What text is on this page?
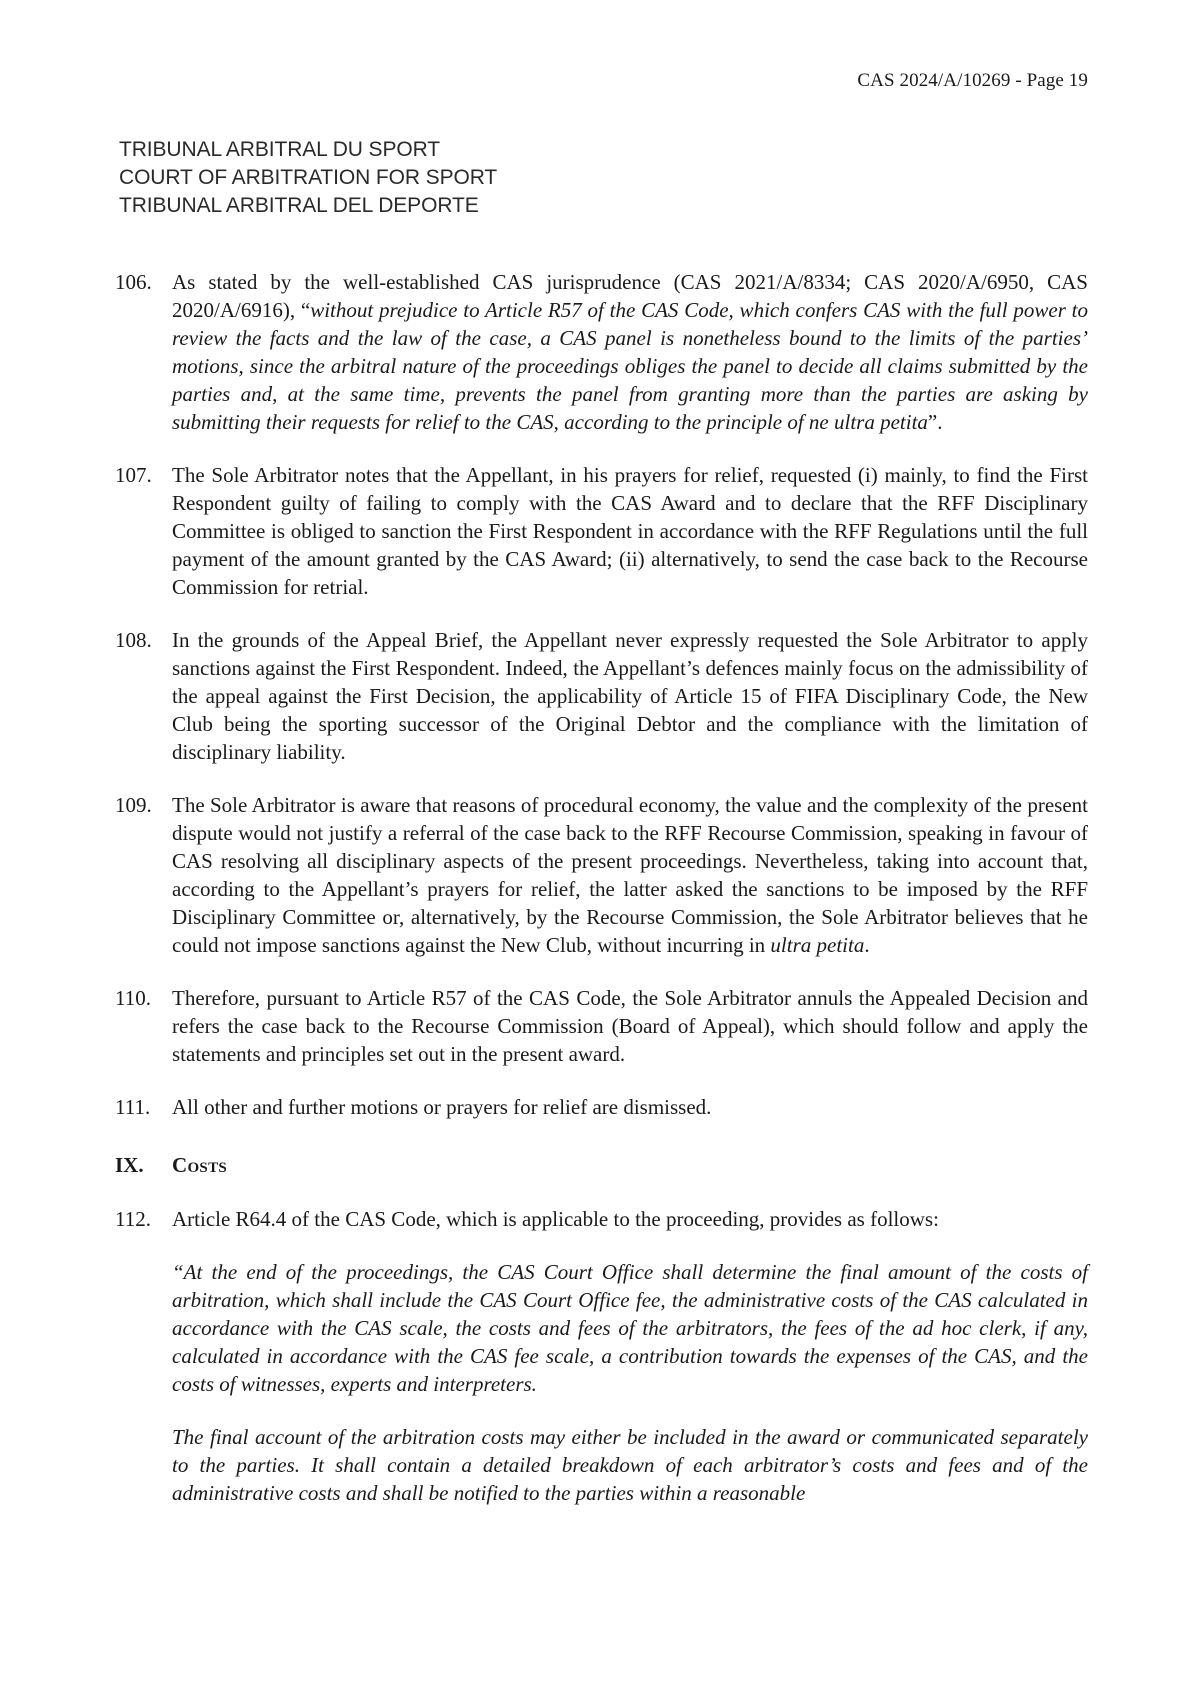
CAS 2024/A/10269 - Page 19
TRIBUNAL ARBITRAL DU SPORT
COURT OF ARBITRATION FOR SPORT
TRIBUNAL ARBITRAL DEL DEPORTE
106. As stated by the well-established CAS jurisprudence (CAS 2021/A/8334; CAS 2020/A/6950, CAS 2020/A/6916), “without prejudice to Article R57 of the CAS Code, which confers CAS with the full power to review the facts and the law of the case, a CAS panel is nonetheless bound to the limits of the parties’ motions, since the arbitral nature of the proceedings obliges the panel to decide all claims submitted by the parties and, at the same time, prevents the panel from granting more than the parties are asking by submitting their requests for relief to the CAS, according to the principle of ne ultra petita”.
107. The Sole Arbitrator notes that the Appellant, in his prayers for relief, requested (i) mainly, to find the First Respondent guilty of failing to comply with the CAS Award and to declare that the RFF Disciplinary Committee is obliged to sanction the First Respondent in accordance with the RFF Regulations until the full payment of the amount granted by the CAS Award; (ii) alternatively, to send the case back to the Recourse Commission for retrial.
108. In the grounds of the Appeal Brief, the Appellant never expressly requested the Sole Arbitrator to apply sanctions against the First Respondent. Indeed, the Appellant’s defences mainly focus on the admissibility of the appeal against the First Decision, the applicability of Article 15 of FIFA Disciplinary Code, the New Club being the sporting successor of the Original Debtor and the compliance with the limitation of disciplinary liability.
109. The Sole Arbitrator is aware that reasons of procedural economy, the value and the complexity of the present dispute would not justify a referral of the case back to the RFF Recourse Commission, speaking in favour of CAS resolving all disciplinary aspects of the present proceedings. Nevertheless, taking into account that, according to the Appellant’s prayers for relief, the latter asked the sanctions to be imposed by the RFF Disciplinary Committee or, alternatively, by the Recourse Commission, the Sole Arbitrator believes that he could not impose sanctions against the New Club, without incurring in ultra petita.
110.	Therefore, pursuant to Article R57 of the CAS Code, the Sole Arbitrator annuls the Appealed Decision and refers the case back to the Recourse Commission (Board of Appeal), which should follow and apply the statements and principles set out in the present award.
111.	All other and further motions or prayers for relief are dismissed.
IX.	Costs
112.	Article R64.4 of the CAS Code, which is applicable to the proceeding, provides as follows:
“At the end of the proceedings, the CAS Court Office shall determine the final amount of the costs of arbitration, which shall include the CAS Court Office fee, the administrative costs of the CAS calculated in accordance with the CAS scale, the costs and fees of the arbitrators, the fees of the ad hoc clerk, if any, calculated in accordance with the CAS fee scale, a contribution towards the expenses of the CAS, and the costs of witnesses, experts and interpreters.
The final account of the arbitration costs may either be included in the award or communicated separately to the parties. It shall contain a detailed breakdown of each arbitrator’s costs and fees and of the administrative costs and shall be notified to the parties within a reasonable
